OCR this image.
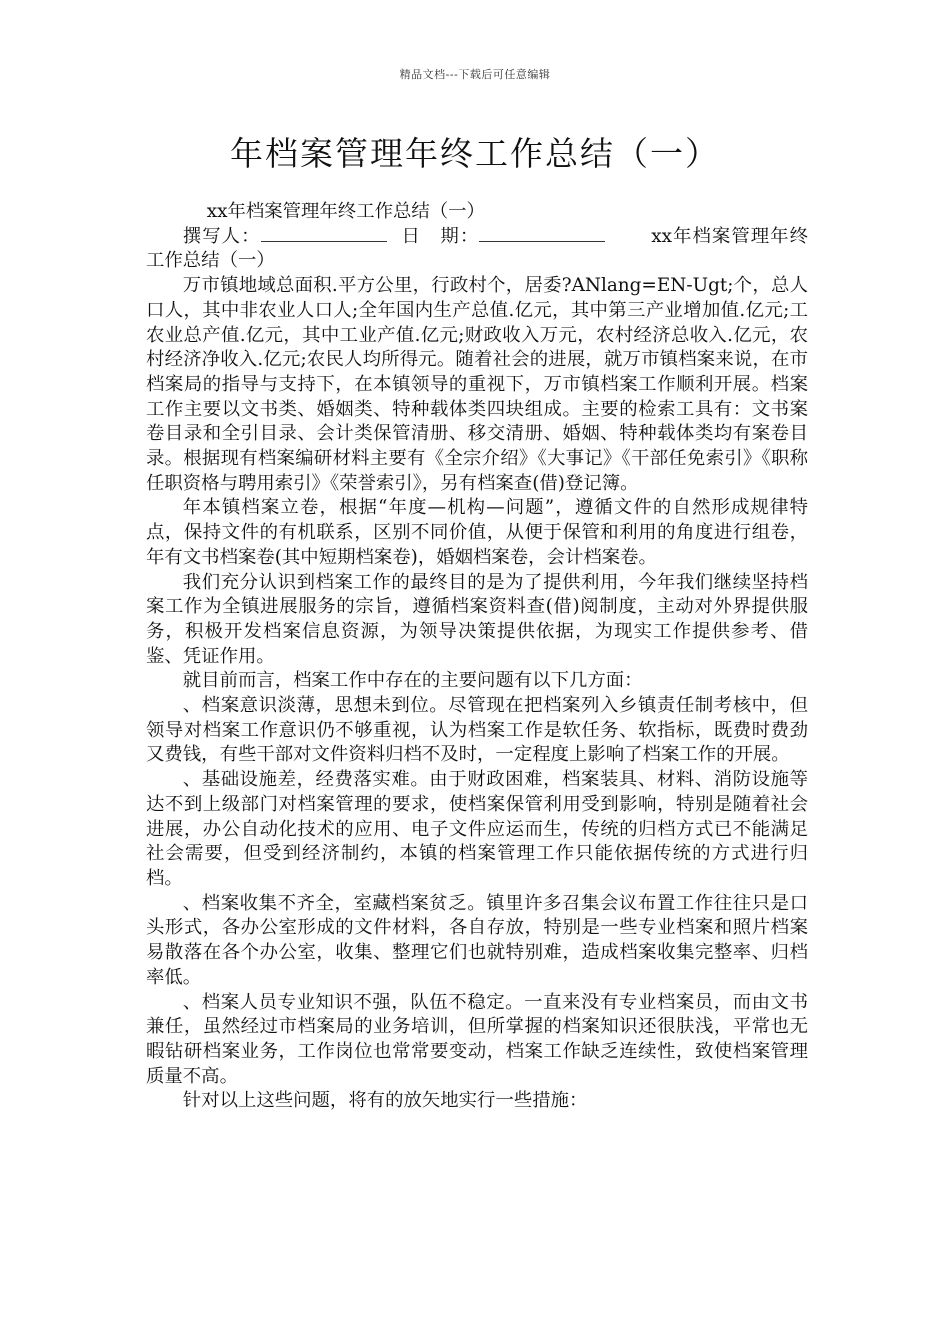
精品文档---下载后可任意编辑
年档案管理年终工作总结（一）

xx年档案管理年终工作总结（一）

撰写人：	日　期：	xx年档案管理年终工作总结（一）

万市镇地域总面积.平方公里，行政村个，居委?ANlang=EN-Ugt;个，总人口人，其中非农业人口人;全年国内生产总值.亿元，其中第三产业增加值.亿元;工农业总产值.亿元，其中工业产值.亿元;财政收入万元，农村经济总收入.亿元，农村经济净收入.亿元;农民人均所得元。随着社会的进展，就万市镇档案来说，在市档案局的指导与支持下，在本镇领导的重视下，万市镇档案工作顺利开展。档案工作主要以文书类、婚姻类、特种载体类四块组成。主要的检索工具有：文书案卷目录和全引目录、会计类保管清册、移交清册、婚姻、特种载体类均有案卷目录。根据现有档案编研材料主要有《全宗介绍》《大事记》《干部任免索引》《职称任职资格与聘用索引》《荣誉索引》，另有档案查(借)登记簿。

年本镇档案立卷，根据“年度—机构—问题”，遵循文件的自然形成规律特点，保持文件的有机联系，区别不同价值，从便于保管和利用的角度进行组卷，年有文书档案卷(其中短期档案卷)，婚姻档案卷，会计档案卷。

我们充分认识到档案工作的最终目的是为了提供利用，今年我们继续坚持档案工作为全镇进展服务的宗旨，遵循档案资料查(借)阅制度，主动对外界提供服务，积极开发档案信息资源，为领导决策提供依据，为现实工作提供参考、借鉴、凭证作用。

就目前而言，档案工作中存在的主要问题有以下几方面：

、档案意识淡薄，思想未到位。尽管现在把档案列入乡镇责任制考核中，但领导对档案工作意识仍不够重视，认为档案工作是软任务、软指标，既费时费劲又费钱，有些干部对文件资料归档不及时，一定程度上影响了档案工作的开展。

、基础设施差，经费落实难。由于财政困难，档案装具、材料、消防设施等达不到上级部门对档案管理的要求，使档案保管利用受到影响，特别是随着社会进展，办公自动化技术的应用、电子文件应运而生，传统的归档方式已不能满足社会需要，但受到经济制约，本镇的档案管理工作只能依据传统的方式进行归档。

、档案收集不齐全，室藏档案贫乏。镇里许多召集会议布置工作往往只是口头形式，各办公室形成的文件材料，各自存放，特别是一些专业档案和照片档案易散落在各个办公室，收集、整理它们也就特别难，造成档案收集完整率、归档率低。

、档案人员专业知识不强，队伍不稳定。一直来没有专业档案员，而由文书兼任，虽然经过市档案局的业务培训，但所掌握的档案知识还很肤浅，平常也无暇钻研档案业务，工作岗位也常常要变动，档案工作缺乏连续性，致使档案管理质量不高。

针对以上这些问题，将有的放矢地实行一些措施：
